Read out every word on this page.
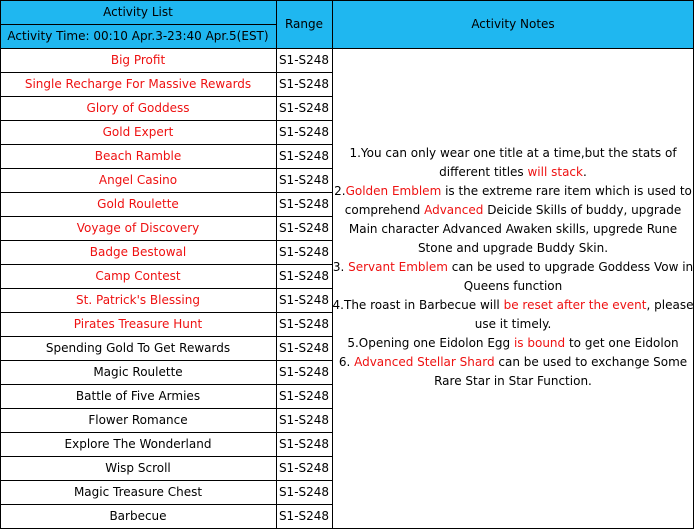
Activity List
Activity Time: 00:10 Apr.3-23:40 Apr.5(EST)
Range	Activity Notes
Big Profit	S1-S248
Single Recharge For Massive Rewards	S1-S248
Glory of Goddess	S1-S248
Gold Expert	S1-S248
Beach Ramble	S1-S248
Angel Casino	S1-S248
Gold Roulette	S1-S248
Voyage of Discovery	S1-S248
Badge Bestowal	S1-S248
Camp Contest	S1-S248
St. Patrick's Blessing	S1-S248
Pirates Treasure Hunt	S1-S248
Spending Gold To Get Rewards	S1-S248
Magic Roulette	S1-S248
Battle of Five Armies	S1-S248
Flower Romance	S1-S248
Explore The Wonderland	S1-S248
Wisp Scroll	S1-S248
Magic Treasure Chest	S1-S248
Barbecue	S1-S248

1.You can only wear one title at a time,but the stats of different titles will stack.

2.Golden Emblem is the extreme rare item which is used to comprehend Advanced Deicide Skills of buddy, upgrade Main character Advanced Awaken skills, upgrede Rune Stone and upgrade Buddy Skin.

3. Servant Emblem can be used to upgrade Goddess Vow in Queens function

4.The roast in Barbecue will be reset after the event, please use it timely.

5.Opening one Eidolon Egg is bound to get one Eidolon

6. Advanced Stellar Shard can be used to exchange Some Rare Star in Star Function.
